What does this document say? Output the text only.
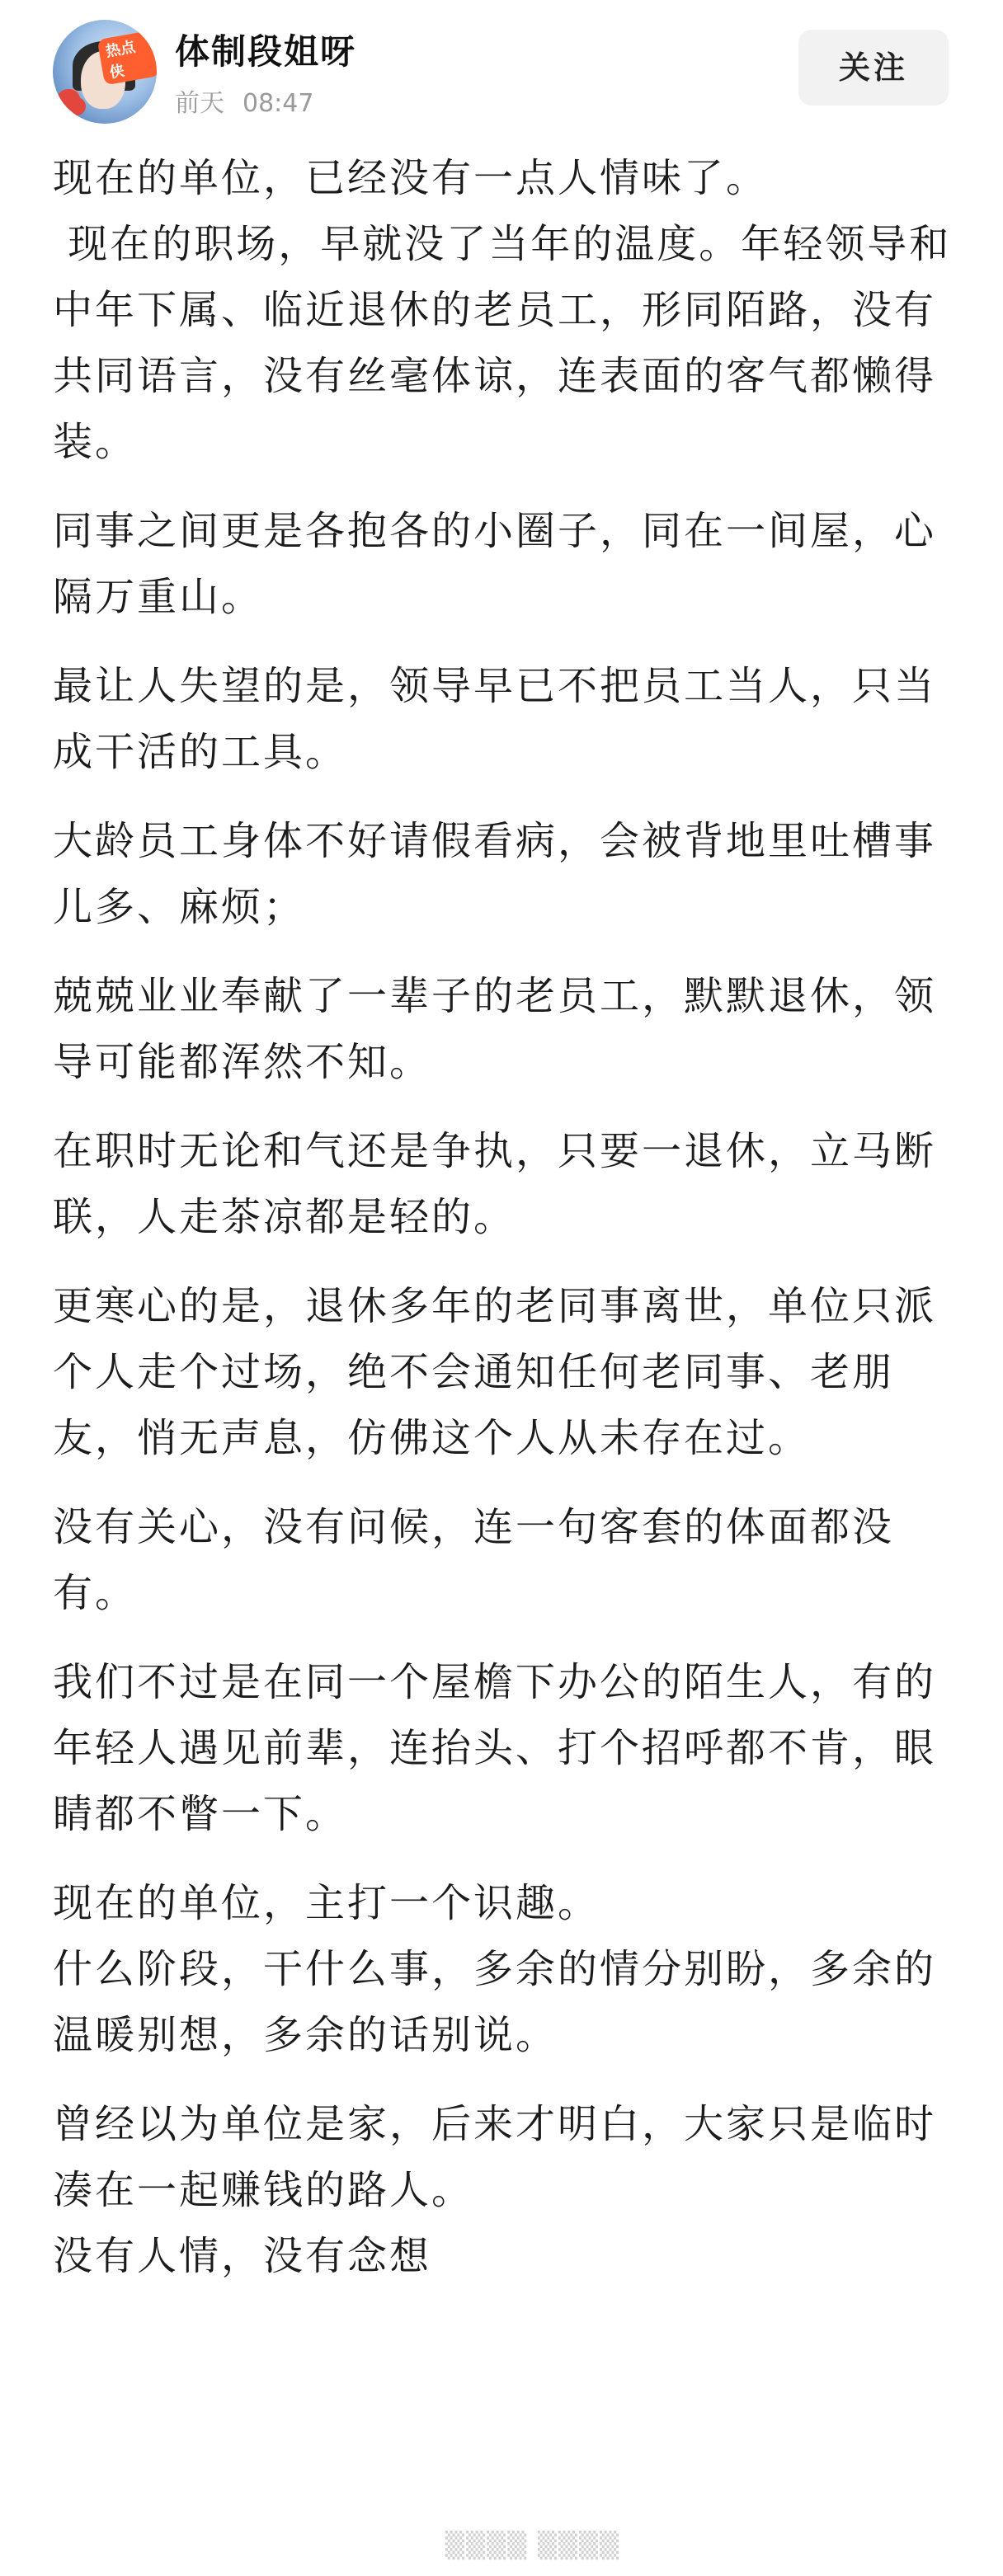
热点侠
体制段姐呀
前天 08:47
关注

现在的单位，已经没有一点人情味了。
现在的职场，早就没了当年的温度。年轻领导和中年下属、临近退休的老员工，形同陌路，没有共同语言，没有丝毫体谅，连表面的客气都懒得装。

同事之间更是各抱各的小圈子，同在一间屋，心隔万重山。

最让人失望的是，领导早已不把员工当人，只当成干活的工具。

大龄员工身体不好请假看病，会被背地里吐槽事儿多、麻烦；

兢兢业业奉献了一辈子的老员工，默默退休，领导可能都浑然不知。

在职时无论和气还是争执，只要一退休，立马断联，人走茶凉都是轻的。

更寒心的是，退休多年的老同事离世，单位只派个人走个过场，绝不会通知任何老同事、老朋友，悄无声息，仿佛这个人从未存在过。

没有关心，没有问候，连一句客套的体面都没有。

我们不过是在同一个屋檐下办公的陌生人，有的年轻人遇见前辈，连抬头、打个招呼都不肯，眼睛都不瞥一下。

现在的单位，主打一个识趣。
什么阶段，干什么事，多余的情分别盼，多余的温暖别想，多余的话别说。

曾经以为单位是家，后来才明白，大家只是临时凑在一起赚钱的路人。
没有人情，没有念想

▒▒▒▒ ▒▒▒▒
